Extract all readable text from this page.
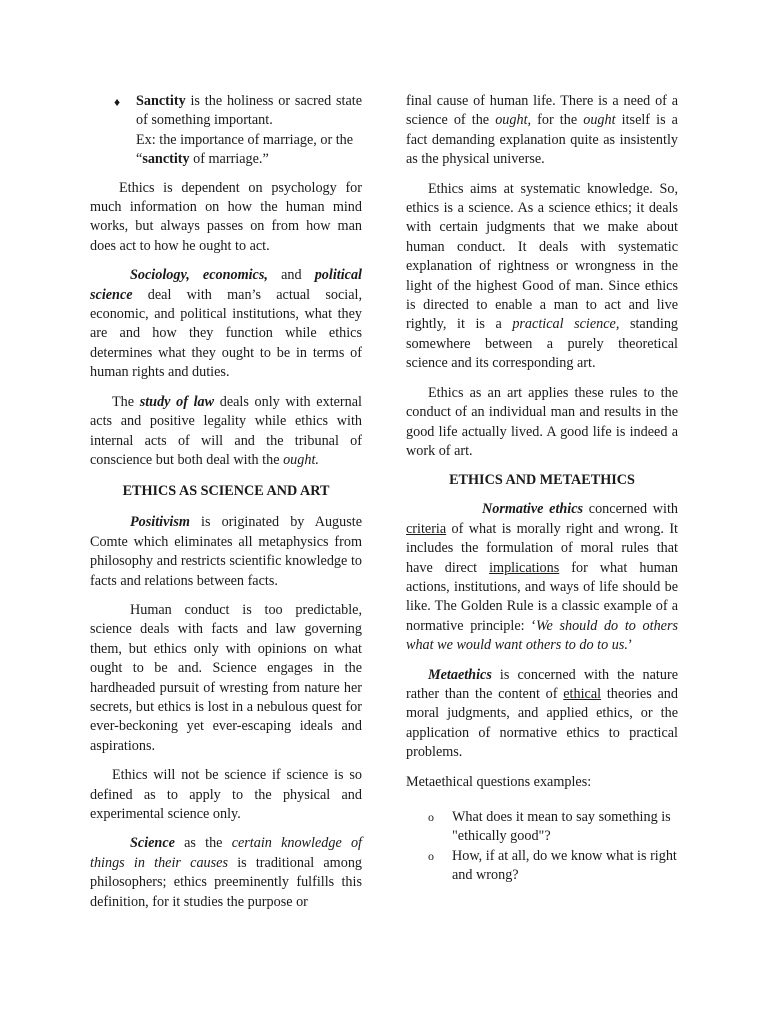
♦ Sanctity is the holiness or sacred state of something important.

Ex: the importance of marriage, or the “sanctity of marriage.”

Ethics is dependent on psychology for much information on how the human mind works, but always passes on from how man does act to how he ought to act.

Sociology, economics, and political science deal with man’s actual social, economic, and political institutions, what they are and how they function while ethics determines what they ought to be in terms of human rights and duties.

The study of law deals only with external acts and positive legality while ethics with internal acts of will and the tribunal of conscience but both deal with the ought.

ETHICS AS SCIENCE AND ART

Positivism is originated by Auguste Comte which eliminates all metaphysics from philosophy and restricts scientific knowledge to facts and relations between facts.

Human conduct is too predictable, science deals with facts and law governing them, but ethics only with opinions on what ought to be and. Science engages in the hardheaded pursuit of wresting from nature her secrets, but ethics is lost in a nebulous quest for ever-beckoning yet ever-escaping ideals and aspirations.

Ethics will not be science if science is so defined as to apply to the physical and experimental science only.

Science as the certain knowledge of things in their causes is traditional among philosophers; ethics preeminently fulfills this definition, for it studies the purpose or

final cause of human life. There is a need of a science of the ought, for the ought itself is a fact demanding explanation quite as insistently as the physical universe.

Ethics aims at systematic knowledge. So, ethics is a science. As a science ethics; it deals with certain judgments that we make about human conduct. It deals with systematic explanation of rightness or wrongness in the light of the highest Good of man. Since ethics is directed to enable a man to act and live rightly, it is a practical science, standing somewhere between a purely theoretical science and its corresponding art.

Ethics as an art applies these rules to the conduct of an individual man and results in the good life actually lived. A good life is indeed a work of art.

ETHICS AND METAETHICS

Normative ethics concerned with criteria of what is morally right and wrong. It includes the formulation of moral rules that have direct implications for what human actions, institutions, and ways of life should be like. The Golden Rule is a classic example of a normative principle: ‘We should do to others what we would want others to do to us.’

Metaethics is concerned with the nature rather than the content of ethical theories and moral judgments, and applied ethics, or the application of normative ethics to practical problems.

Metaethical questions examples:

o What does it mean to say something is "ethically good"?
o How, if at all, do we know what is right and wrong?
